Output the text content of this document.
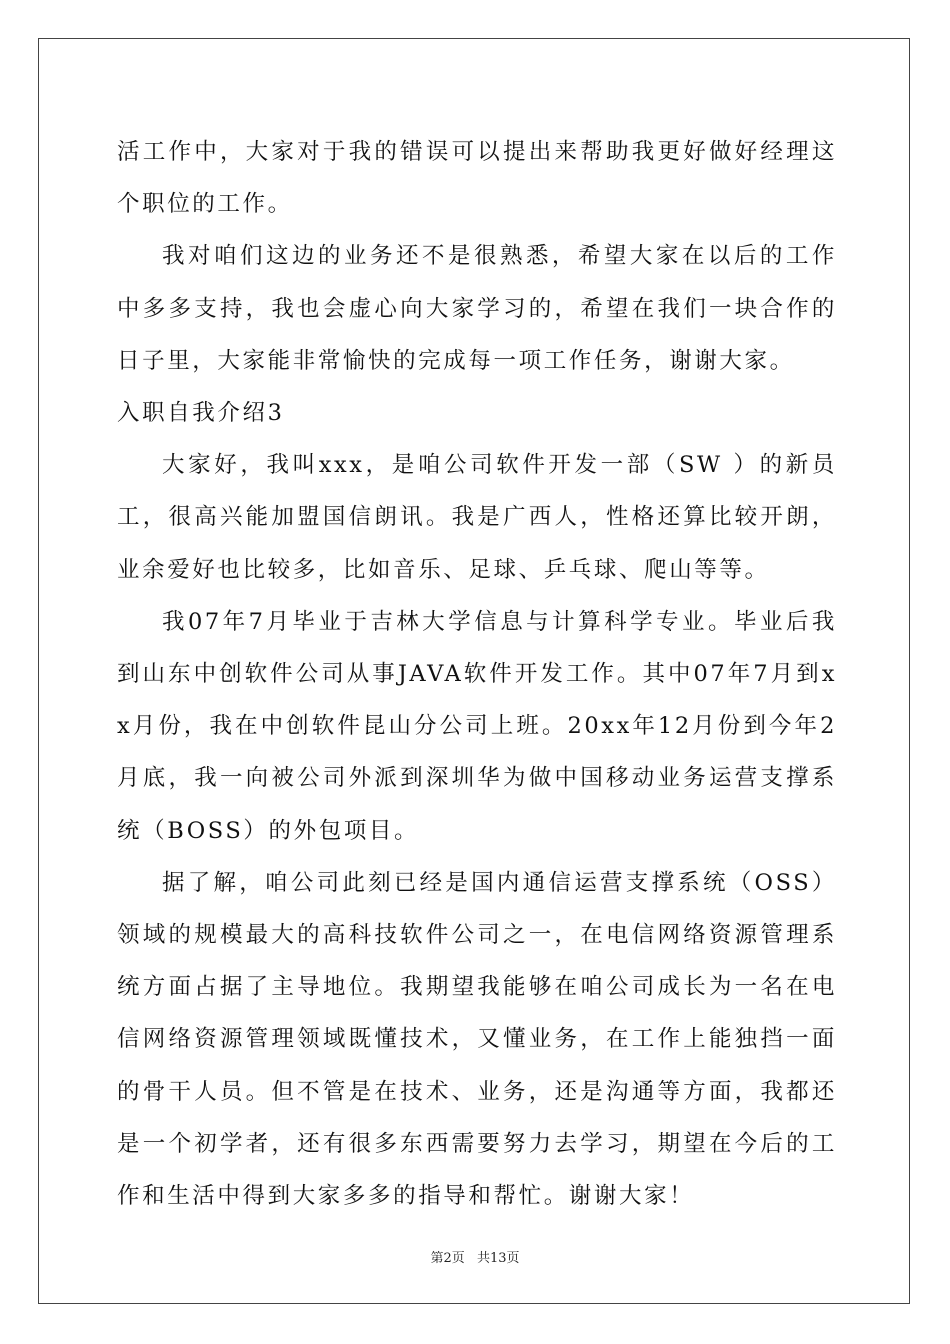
活工作中，大家对于我的错误可以提出来帮助我更好做好经理这个职位的工作。

我对咱们这边的业务还不是很熟悉，希望大家在以后的工作中多多支持，我也会虚心向大家学习的，希望在我们一块合作的日子里，大家能非常愉快的完成每一项工作任务，谢谢大家。

入职自我介绍3

大家好，我叫xxx，是咱公司软件开发一部（SW ）的新员工，很高兴能加盟国信朗讯。我是广西人，性格还算比较开朗，业余爱好也比较多，比如音乐、足球、乒乓球、爬山等等。

我07年7月毕业于吉林大学信息与计算科学专业。毕业后我到山东中创软件公司从事JAVA软件开发工作。其中07年7月到xx月份，我在中创软件昆山分公司上班。20xx年12月份到今年2月底，我一向被公司外派到深圳华为做中国移动业务运营支撑系统（BOSS）的外包项目。

据了解，咱公司此刻已经是国内通信运营支撑系统（OSS）领域的规模最大的高科技软件公司之一，在电信网络资源管理系统方面占据了主导地位。我期望我能够在咱公司成长为一名在电信网络资源管理领域既懂技术，又懂业务，在工作上能独挡一面的骨干人员。但不管是在技术、业务，还是沟通等方面，我都还是一个初学者，还有很多东西需要努力去学习，期望在今后的工作和生活中得到大家多多的指导和帮忙。谢谢大家！

第2页 共13页
